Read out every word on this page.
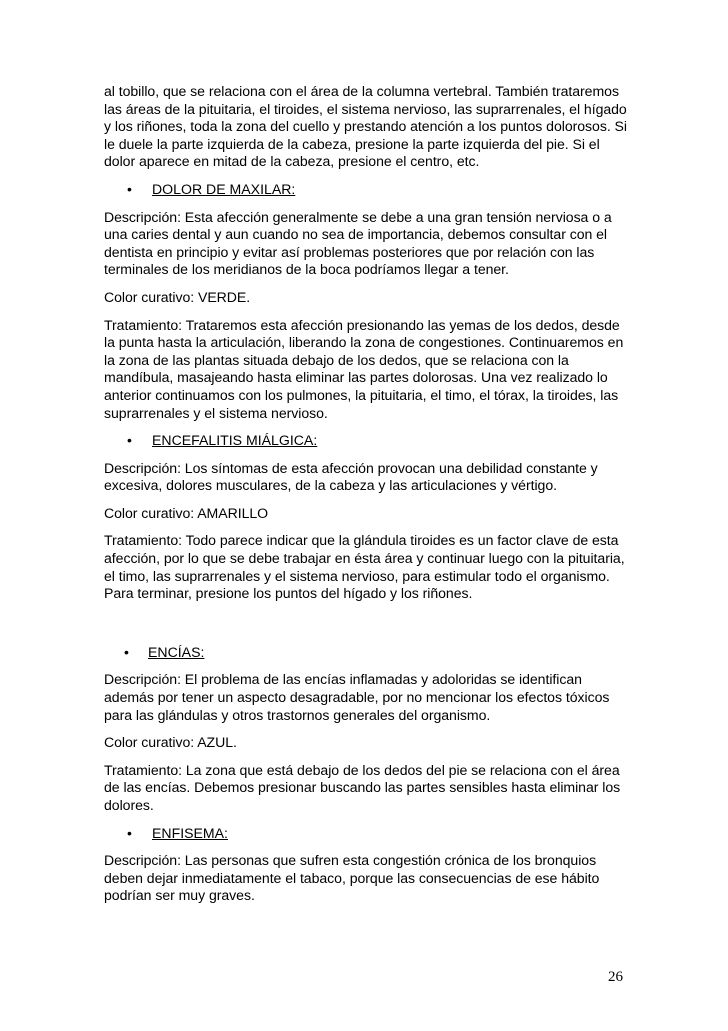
al tobillo, que se relaciona con el área de la columna vertebral. También trataremos las áreas de la pituitaria, el tiroides, el sistema nervioso, las suprarrenales, el hígado y los riñones, toda la zona del cuello y prestando atención a los puntos dolorosos. Si le duele la parte izquierda de la cabeza, presione la parte izquierda del pie. Si el dolor aparece en mitad de la cabeza, presione el centro, etc.

• DOLOR DE MAXILAR:

Descripción: Esta afección generalmente se debe a una gran tensión nerviosa o a una caries dental y aun cuando no sea de importancia, debemos consultar con el dentista en principio y evitar así problemas posteriores que por relación con las terminales de los meridianos de la boca podríamos llegar a tener.

Color curativo: VERDE.

Tratamiento: Trataremos esta afección presionando las yemas de los dedos, desde la punta hasta la articulación, liberando la zona de congestiones. Continuaremos en la zona de las plantas situada debajo de los dedos, que se relaciona con la mandíbula, masajeando hasta eliminar las partes dolorosas. Una vez realizado lo anterior continuamos con los pulmones, la pituitaria, el timo, el tórax, la tiroides, las suprarrenales y el sistema nervioso.

• ENCEFALITIS MIÁLGICA:

Descripción: Los síntomas de esta afección provocan una debilidad constante y excesiva, dolores musculares, de la cabeza y las articulaciones y vértigo.

Color curativo: AMARILLO

Tratamiento: Todo parece indicar que la glándula tiroides es un factor clave de esta afección, por lo que se debe trabajar en ésta área y continuar luego con la pituitaria, el timo, las suprarrenales y el sistema nervioso, para estimular todo el organismo. Para terminar, presione los puntos del hígado y los riñones.

• ENCÍAS:

Descripción: El problema de las encías inflamadas y adoloridas se identifican además por tener un aspecto desagradable, por no mencionar los efectos tóxicos para las glándulas y otros trastornos generales del organismo.

Color curativo: AZUL.

Tratamiento: La zona que está debajo de los dedos del pie se relaciona con el área de las encías. Debemos presionar buscando las partes sensibles hasta eliminar los dolores.

• ENFISEMA:

Descripción: Las personas que sufren esta congestión crónica de los bronquios deben dejar inmediatamente el tabaco, porque las consecuencias de ese hábito podrían ser muy graves.

26
